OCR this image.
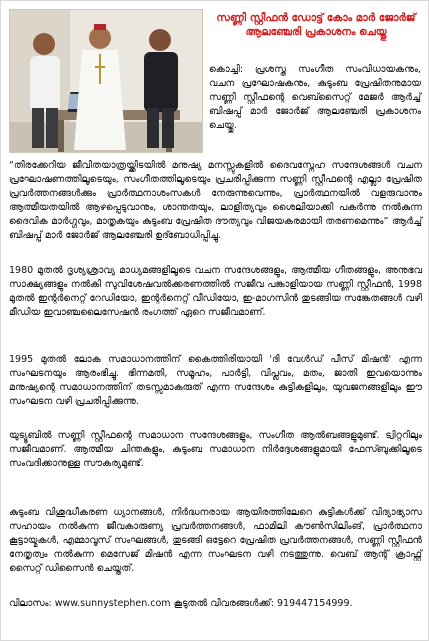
സണ്ണി സ്റ്റീഫന്‍ ഡോട്ട് കോം മാര്‍ ജോര്‍ജ് ആലഞ്ചേരി പ്രകാശനം ചെയ്തു
കൊച്ചി: പ്രശസ്ത സംഗീത സംവിധായകനും, വചന പ്രഘോഷകനും, കുടുംബ പ്രേഷിതനുമായ സണ്ണി സ്റ്റീഫന്റെ വെബ്സൈറ്റ് മേജര്‍ ആര്‍ച്ച് ബിഷപ്പ് മാര്‍ ജോര്‍ജ് ആലഞ്ചേരി പ്രകാശനം ചെയ്തു.
“തിരക്കേറിയ ജീവിതയാത്രയ്ക്കിടയില്‍ മനുഷ്യ മനസ്സുകളില്‍ ദൈവസ്നേഹ സന്ദേശങ്ങള്‍ വചന പ്രഘോഷണത്തിലൂടെയും, സംഗീതത്തിലൂടെയും പ്രചരിപ്പിക്കുന്ന സണ്ണി സ്റ്റീഫന്റെ എല്ലാ പ്രേഷിത പ്രവര്‍ത്തനങ്ങള്‍ക്കും പ്രാര്‍ത്ഥനാശംസകള്‍ നേരുന്നുവെന്നും, പ്രാര്‍ത്ഥനയില്‍ വളരുവാനും ആത്മീയതയില്‍ ആഴപ്പെടുവാനും, ശാന്തതയും, ലാളിത്യവും ശൈലിയാക്കി പകര്‍ന്നു നല്‍കുന്ന ദൈവിക മാര്‍ഗ്ഗവും, മാതൃകയും കുടുംബ പ്രേഷിത ദൗത്യവും വിജയകരമായി തരണമെന്നും” ആര്‍ച്ച് ബിഷപ്പ് മാര്‍ ജോര്‍ജ് ആലഞ്ചേരി ഉദ്ബോധിപ്പിച്ചു.
1980 മുതല്‍ ദൃശ്യശ്രാവ്യ മാധ്യമങ്ങളിലൂടെ വചന സന്ദേശങ്ങളും, ആത്മീയ ഗീതങ്ങളും, അനുഭവ സാക്ഷ്യങ്ങളും നല്‍കി സുവിശേഷവല്‍ക്കരണത്തില്‍ സജീവ പങ്കാളിയായ സണ്ണി സ്റ്റീഫന്‍, 1998 മുതല്‍ ഇന്റര്‍നെറ്റ് റേഡിയോ, ഇന്റര്‍നെറ്റ് വീഡിയോ, ഇ-മാഗസിന്‍ തുടങ്ങിയ സങ്കേതങ്ങള്‍ വഴി മീഡിയ ഇവാഞ്ചലൈസേഷന്‍ രംഗത്ത് ഏറെ സജീവമാണ്.
1995 മുതല്‍ ലോക സമാധാനത്തിന് കൈത്തിരിയായി 'ദി വേള്‍ഡ് പീസ് മിഷന്‍' എന്ന സംഘടനയും ആരംഭിച്ചു. ഭിന്നമതി, സമൂഹം, പാര്‍ട്ടി, വിപ്ലവം, മതം, ജാതി ഇവയൊന്നും മനുഷ്യന്റെ സമാധാനത്തിന് തടസ്സമാകരുത് എന്ന സന്ദേശം കുട്ടികളിലും, യുവജനങ്ങളിലും ഈ സംഘടന വഴി പ്രചരിപ്പിക്കുന്നു.
യുട്യൂബില്‍ സണ്ണി സ്റ്റീഫന്റെ സമാധാന സന്ദേശങ്ങളും, സംഗീത ആല്‍ബങ്ങളുമുണ്ട്. ട്വിറ്ററിലും സജീവമാണ്. ആത്മീയ ചിന്തകളും, കുടുംബ സമാധാന നിര്‍ദ്ദേശങ്ങളുമായി ഫേസ്ബുക്കിലൂടെ സംവദിക്കാനുള്ള സൗകര്യമുണ്ട്.
കുടുംബ വിശുദ്ധീകരണ ധ്യാനങ്ങള്‍, നിര്‍ദ്ധനരായ ആയിരത്തിലേറെ കുട്ടികള്‍ക്ക് വിദ്യാഭ്യാസ സഹായം നല്‍കുന്ന ജീവകാരുണ്യ പ്രവര്‍ത്തനങ്ങള്‍, ഫാമിലി കൗണ്‍സിലിംങ്, പ്രാര്‍ത്ഥനാ കൂട്ടായ്മകള്‍, എമ്മാവൂസ് സംഘങ്ങള്‍, തുടങ്ങി ഒട്ടേറെ പ്രേഷിത പ്രവര്‍ത്തനങ്ങള്‍, സണ്ണി സ്റ്റീഫന്‍ നേതൃത്വം നല്‍കുന്ന മെസേജ് മിഷന്‍ എന്ന സംഘടന വഴി നടത്തുന്നു. വെബ് ആന്റ് ക്രാഫ്റ്റ് സൈറ്റ് ഡിസൈന്‍ ചെയ്തത്.
വിലാസം: www.sunnystephen.com കൂടുതല്‍ വിവരങ്ങള്‍ക്ക്: 919447154999.
